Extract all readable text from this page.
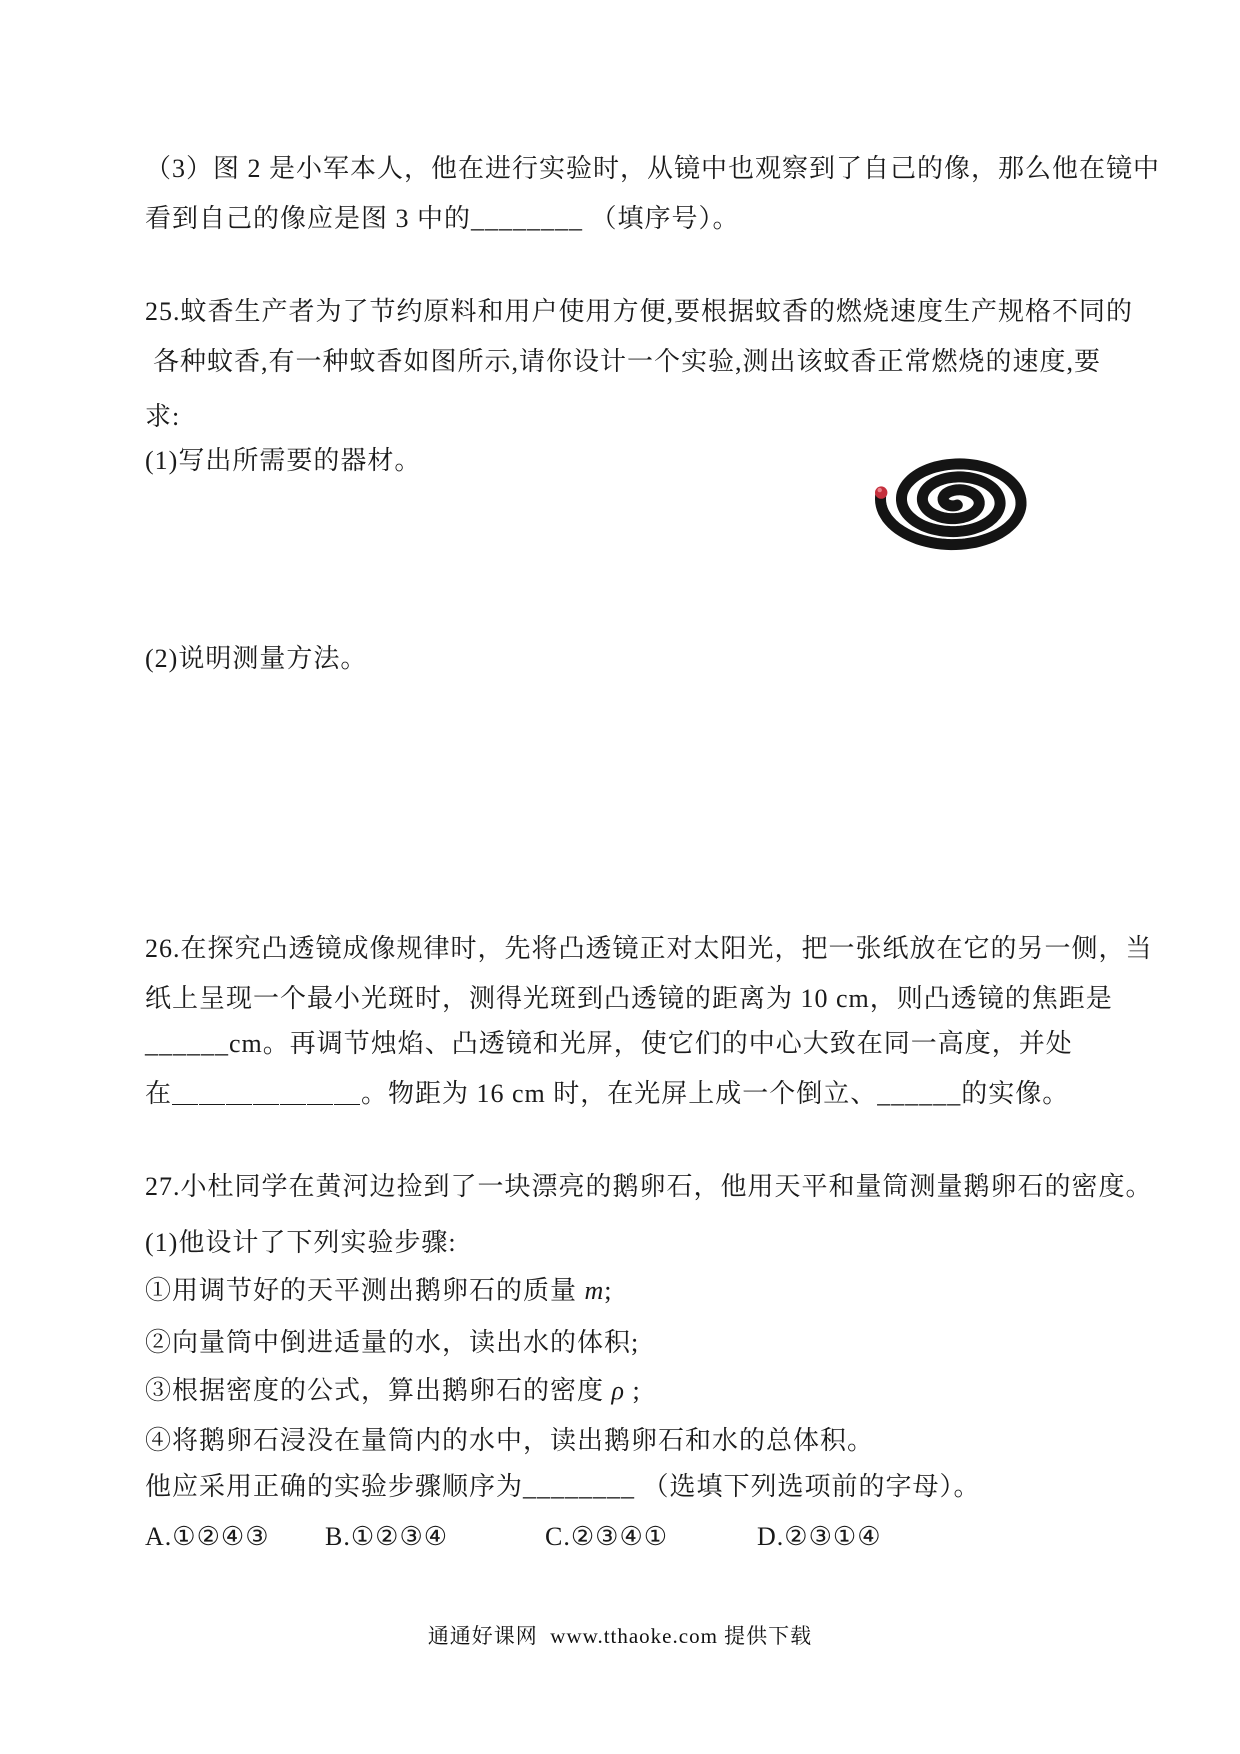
（3）图 2 是小军本人，他在进行实验时，从镜中也观察到了自己的像，那么他在镜中
看到自己的像应是图 3 中的________ （填序号）。
25.蚊香生产者为了节约原料和用户使用方便,要根据蚊香的燃烧速度生产规格不同的
各种蚊香,有一种蚊香如图所示,请你设计一个实验,测出该蚊香正常燃烧的速度,要
求:
(1)写出所需要的器材。
(2)说明测量方法。
26.在探究凸透镜成像规律时，先将凸透镜正对太阳光，把一张纸放在它的另一侧，当
纸上呈现一个最小光斑时，测得光斑到凸透镜的距离为 10 cm，则凸透镜的焦距是
______cm。再调节烛焰、凸透镜和光屏，使它们的中心大致在同一高度，并处
在＿＿＿＿＿＿＿。物距为 16 cm 时，在光屏上成一个倒立、______的实像。
27.小杜同学在黄河边捡到了一块漂亮的鹅卵石，他用天平和量筒测量鹅卵石的密度。
(1)他设计了下列实验步骤:
①用调节好的天平测出鹅卵石的质量 m;
②向量筒中倒进适量的水，读出水的体积;
③根据密度的公式，算出鹅卵石的密度 ρ ;
④将鹅卵石浸没在量筒内的水中，读出鹅卵石和水的总体积。
他应采用正确的实验步骤顺序为________ （选填下列选项前的字母）。

A.①②④③

B.①②③④

	C.②③④①

	D.②③①④

通通好课网  www.tthaoke.com 提供下载
